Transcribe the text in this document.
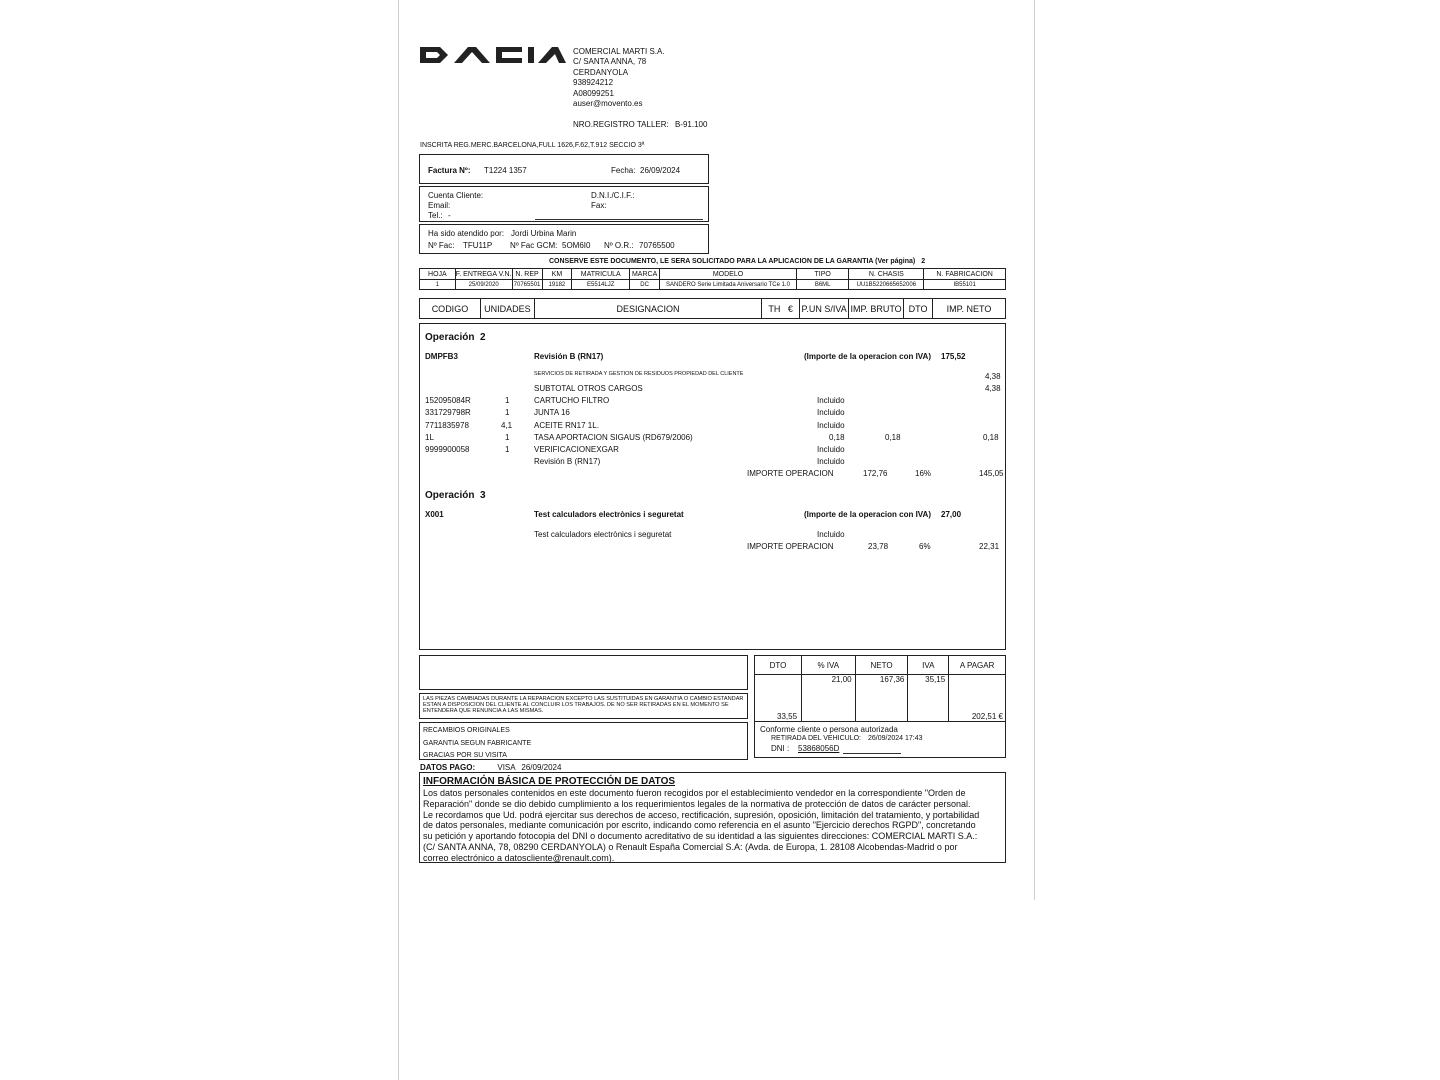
COMERCIAL MARTI S.A.
C/ SANTA ANNA, 78
CERDANYOLA
938924212
A08099251
auser@movento.es
NRO.REGISTRO TALLER: B-91.100
INSCRITA REG.MERC.BARCELONA,FULL 1626,F.62,T.912 SECCIO 3ª
Factura Nº: T1224 1357	Fecha: 26/09/2024
Cuenta Cliente:
Email:
Tel.: -
D.N.I./C.I.F.:
Fax:
Ha sido atendido por: Jordi Urbina Marin
Nº Fac: TFU11P Nº Fac GCM: 5OM6I0 Nº O.R.: 70765500
CONSERVE ESTE DOCUMENTO, LE SERA SOLICITADO PARA LA APLICACION DE LA GARANTIA (Ver página) 2
HOJA	F. ENTREGA V.N.	N. REP	KM	MATRICULA	MARCA	MODELO	TIPO	N. CHASIS	N. FABRICACION
1	25/09/2020	70765501	19182	E5514LJZ	DC	SANDERO Serie Limitada Aniversario TCe 1.0	B6ML	UU1B5220665652006	IB55101
CODIGO	UNIDADES	DESIGNACION	TH €	P.UN S/IVA	IMP. BRUTO	DTO	IMP. NETO
Operación 2
DMPFB3	Revisión B (RN17)	(Importe de la operacion con IVA) 175,52
SERVICIOS DE RETIRADA Y GESTION DE RESIDUOS PROPIEDAD DEL CLIENTE	4,38
SUBTOTAL OTROS CARGOS	4,38
152095084R	1	CARTUCHO FILTRO	Incluido
331729798R	1	JUNTA 16	Incluido
7711835978	4,1	ACEITE RN17 1L.	Incluido
1L	1	TASA APORTACION SIGAUS (RD679/2006)	0,18	0,18	0,18
9999900058	1	VERIFICACIONEXGAR	Incluido
Revisión B (RN17)	Incluido
IMPORTE OPERACION	172,76	16%	145,05
Operación 3
X001	Test calculadors electrònics i seguretat	(Importe de la operacion con IVA) 27,00
Test calculadors electrònics i seguretat	Incluido
IMPORTE OPERACION	23,78	6%	22,31
LAS PIEZAS CAMBIADAS DURANTE LA REPARACION EXCEPTO LAS SUSTITUIDAS EN GARANTIA O CAMBIO ESTANDAR ESTAN A DISPOSICION DEL CLIENTE AL CONCLUIR LOS TRABAJOS. DE NO SER RETIRADAS EN EL MOMENTO SE ENTENDERA QUE RENUNCIA A LAS MISMAS.
RECAMBIOS ORIGINALES
GARANTIA SEGUN FABRICANTE
GRACIAS POR SU VISITA
DTO	% IVA	NETO	IVA	A PAGAR
33,55	21,00	167,36	35,15	202,51 €
Conforme cliente o persona autorizada
RETIRADA DEL VEHICULO: 26/09/2024 17:43
DNI : 53868056D
DATOS PAGO:	VISA 26/09/2024
INFORMACIÓN BÁSICA DE PROTECCIÓN DE DATOS
Los datos personales contenidos en este documento fueron recogidos por el establecimiento vendedor en la correspondiente "Orden de
Reparación" donde se dio debido cumplimiento a los requerimientos legales de la normativa de protección de datos de carácter personal.
Le recordamos que Ud. podrá ejercitar sus derechos de acceso, rectificación, supresión, oposición, limitación del tratamiento, y portabilidad
de datos personales, mediante comunicación por escrito, indicando como referencia en el asunto "Ejercicio derechos RGPD", concretando
su petición y aportando fotocopia del DNI o documento acreditativo de su identidad a las siguientes direcciones: COMERCIAL MARTI S.A.:
(C/ SANTA ANNA, 78, 08290 CERDANYOLA) o Renault España Comercial S.A: (Avda. de Europa, 1. 28108 Alcobendas-Madrid o por
correo electrónico a datoscliente@renault.com).
